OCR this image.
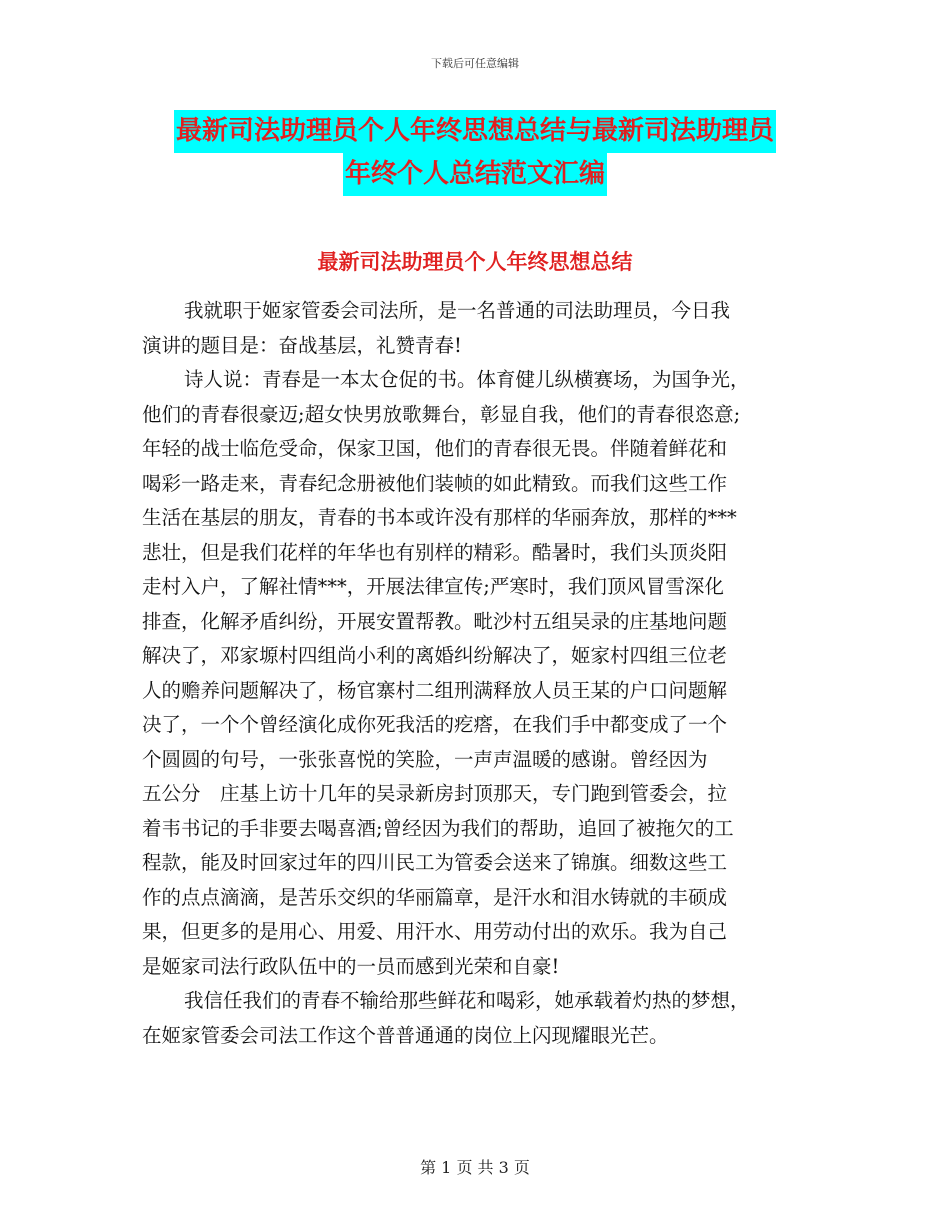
下载后可任意编辑
最新司法助理员个人年终思想总结与最新司法助理员
年终个人总结范文汇编
最新司法助理员个人年终思想总结

我就职于姬家管委会司法所，是一名普通的司法助理员，今日我
演讲的题目是：奋战基层，礼赞青春!

诗人说：青春是一本太仓促的书。体育健儿纵横赛场，为国争光，
他们的青春很豪迈;超女快男放歌舞台，彰显自我，他们的青春很恣意;
年轻的战士临危受命，保家卫国，他们的青春很无畏。伴随着鲜花和
喝彩一路走来，青春纪念册被他们装帧的如此精致。而我们这些工作
生活在基层的朋友，青春的书本或许没有那样的华丽奔放，那样的***
悲壮，但是我们花样的年华也有别样的精彩。酷暑时，我们头顶炎阳
走村入户，了解社情***，开展法律宣传;严寒时，我们顶风冒雪深化
排查，化解矛盾纠纷，开展安置帮教。毗沙村五组吴录的庄基地问题
解决了，邓家塬村四组尚小利的离婚纠纷解决了，姬家村四组三位老
人的赡养问题解决了，杨官寨村二组刑满释放人员王某的户口问题解
决了，一个个曾经演化成你死我活的疙瘩，在我们手中都变成了一个
个圆圆的句号，一张张喜悦的笑脸，一声声温暖的感谢。曾经因为
五公分　庄基上访十几年的吴录新房封顶那天，专门跑到管委会，拉
着韦书记的手非要去喝喜酒;曾经因为我们的帮助，追回了被拖欠的工
程款，能及时回家过年的四川民工为管委会送来了锦旗。细数这些工
作的点点滴滴，是苦乐交织的华丽篇章，是汗水和泪水铸就的丰硕成
果，但更多的是用心、用爱、用汗水、用劳动付出的欢乐。我为自己
是姬家司法行政队伍中的一员而感到光荣和自豪!

我信任我们的青春不输给那些鲜花和喝彩，她承载着灼热的梦想，
在姬家管委会司法工作这个普普通通的岗位上闪现耀眼光芒。

第 1 页 共 3 页
